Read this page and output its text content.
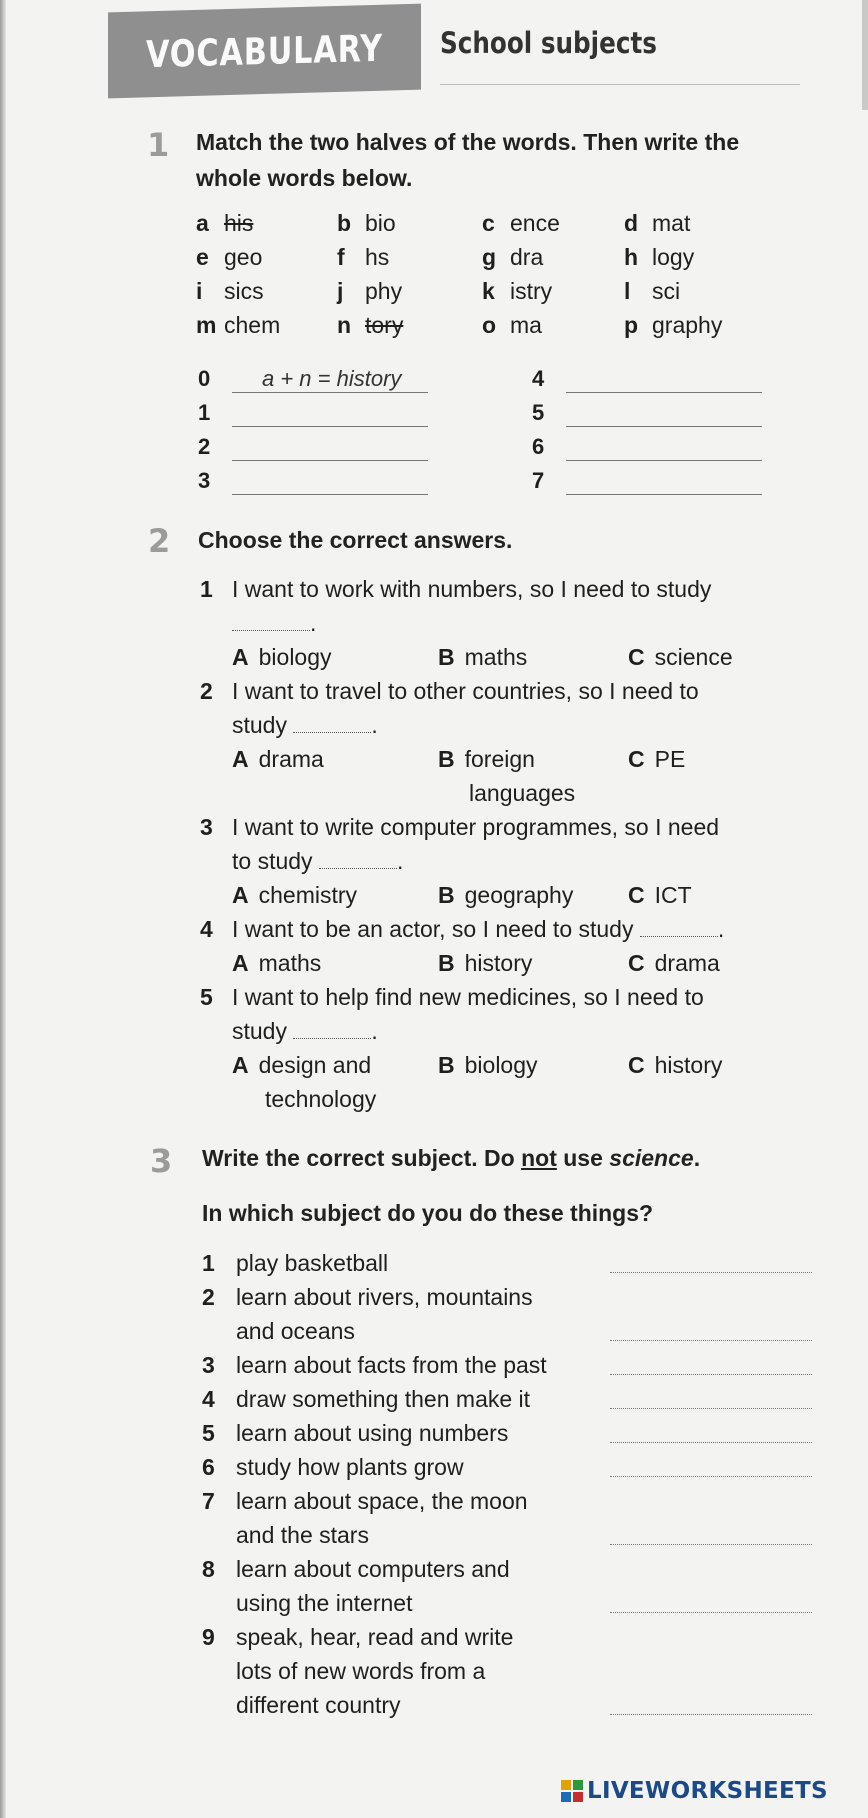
VOCABULARY School subjects
1 Match the two halves of the words. Then write the
whole words below.
a his	b bio	c ence	d mat
e geo	f hs	g dra	h logy
i sics	j phy	k istry	l sci
m chem n tory	o ma	p graphy
0 a + n = history
1
2
3
4
5
6
7
2 Choose the correct answers.
1 I want to work with numbers, so I need to study
.
A biology	B maths	C science
2 I want to travel to other countries, so I need to
study	.
A drama	B foreign
languages
C PE
3 I want to write computer programmes, so I need
to study	.
A chemistry	B geography C ICT
4 I want to be an actor, so I need to study	.
A maths	B history	C drama
5 I want to help find new medicines, so I need to
study	.
A design and
technology
B biology	C history
3 Write the correct subject. Do not use science.
In which subject do you do these things?
1 play basketball
2 learn about rivers, mountains
and oceans
3 learn about facts from the past
4 draw something then make it
5 learn about using numbers
6 study how plants grow
7 learn about space, the moon
and the stars
8 learn about computers and
using the internet
9 speak, hear, read and write
lots of new words from a
different country
LIVEWORKSHEETS
